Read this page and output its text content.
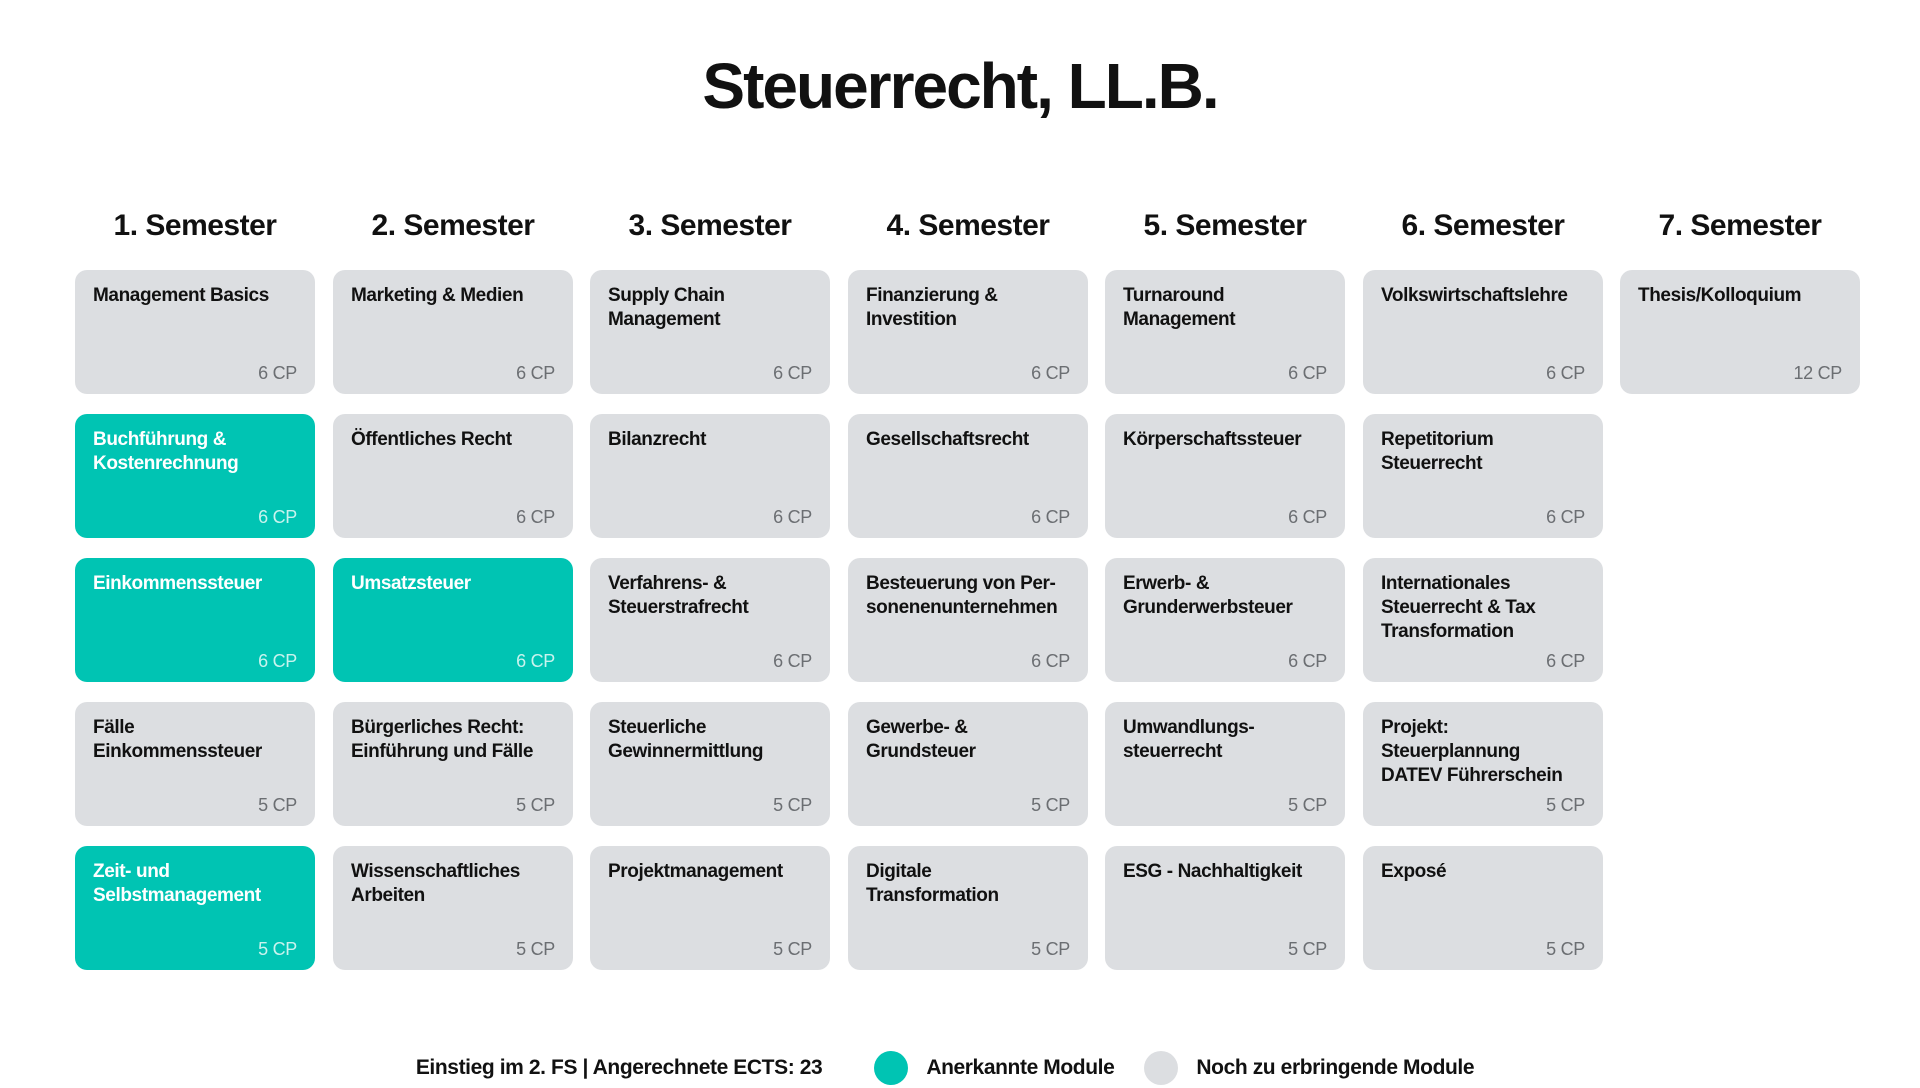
Steuerrecht, LL.B.
1. Semester
Management Basics
6 CP
Buchführung &
Kostenrechnung
6 CP
Einkommenssteuer
6 CP
Fälle
Einkommenssteuer
5 CP
Zeit- und
Selbstmanagement
5 CP
2. Semester
Marketing & Medien
6 CP
Öffentliches Recht
6 CP
Umsatzsteuer
6 CP
Bürgerliches Recht:
Einführung und Fälle
5 CP
Wissenschaftliches
Arbeiten
5 CP
3. Semester
Supply Chain
Management
6 CP
Bilanzrecht
6 CP
Verfahrens- &
Steuerstrafrecht
6 CP
Steuerliche
Gewinnermittlung
5 CP
Projektmanagement
5 CP
4. Semester
Finanzierung &
Investition
6 CP
Gesellschaftsrecht
6 CP
Besteuerung von Per-
sonenenunternehmen
6 CP
Gewerbe- &
Grundsteuer
5 CP
Digitale
Transformation
5 CP
5. Semester
Turnaround
Management
6 CP
Körperschaftssteuer
6 CP
Erwerb- &
Grunderwerbsteuer
6 CP
Umwandlungs-
steuerrecht
5 CP
ESG - Nachhaltigkeit
5 CP
6. Semester
Volkswirtschaftslehre
6 CP
Repetitorium
Steuerrecht
6 CP
Internationales
Steuerrecht & Tax
Transformation
6 CP
Projekt:
Steuerplannung
DATEV Führerschein
5 CP
Exposé
5 CP
7. Semester
Thesis/Kolloquium
12 CP
Einstieg im 2. FS | Angerechnete ECTS: 23	Anerkannte Module	Noch zu erbringende Module
